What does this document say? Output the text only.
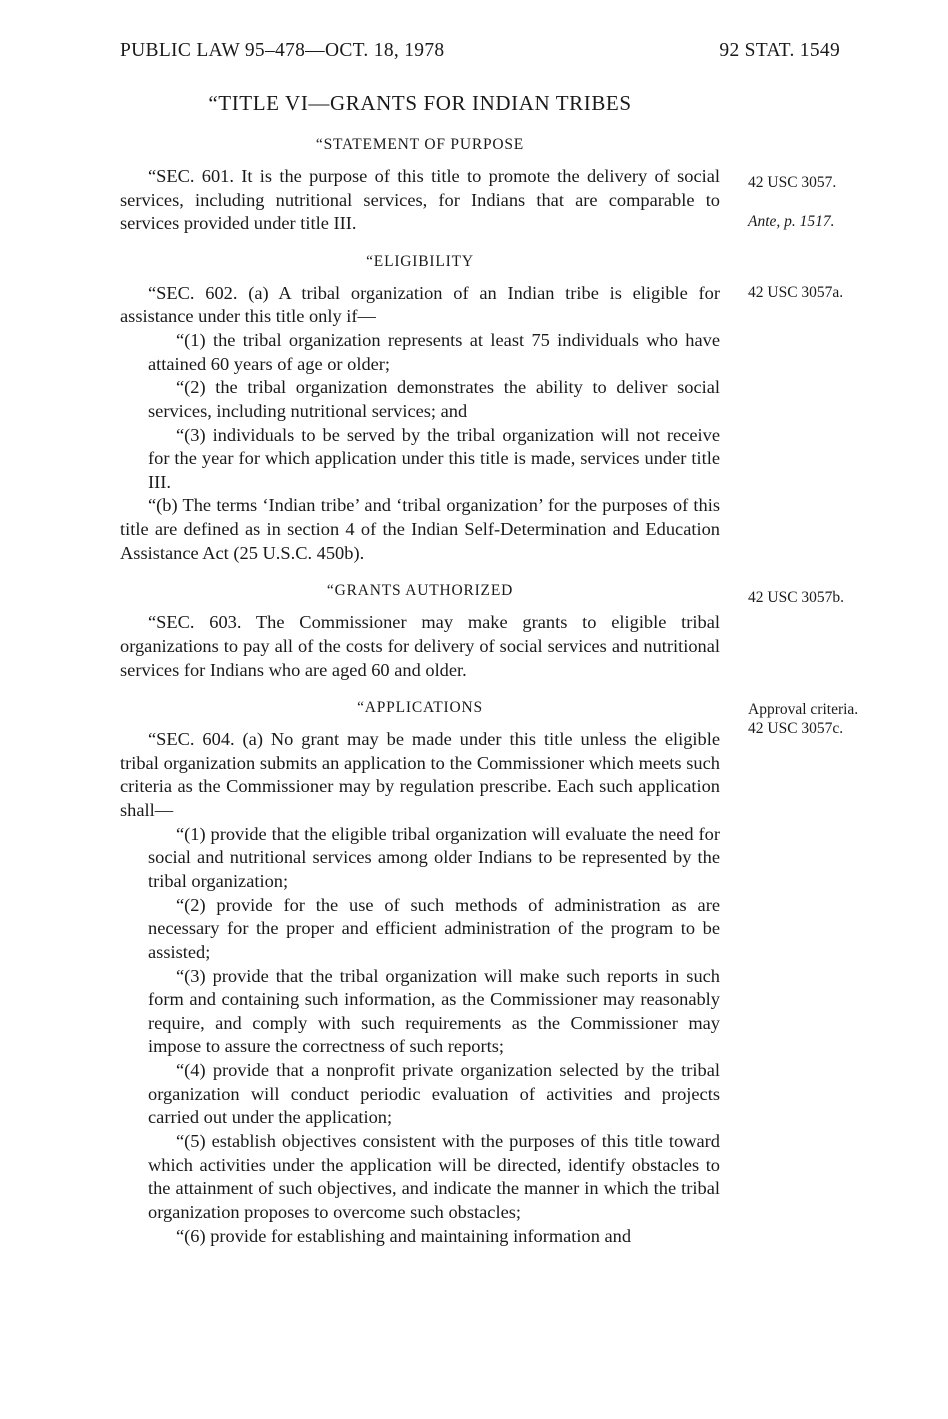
PUBLIC LAW 95–478—OCT. 18, 1978	92 STAT. 1549
“TITLE VI—GRANTS FOR INDIAN TRIBES
“STATEMENT OF PURPOSE

“SEC. 601. It is the purpose of this title to promote the delivery of social services, including nutritional services, for Indians that are comparable to services provided under title III.

“ELIGIBILITY

“SEC. 602. (a) A tribal organization of an Indian tribe is eligible for assistance under this title only if—

“(1) the tribal organization represents at least 75 individuals who have attained 60 years of age or older;

“(2) the tribal organization demonstrates the ability to deliver social services, including nutritional services; and

“(3) individuals to be served by the tribal organization will not receive for the year for which application under this title is made, services under title III.

“(b) The terms ‘Indian tribe’ and ‘tribal organization’ for the purposes of this title are defined as in section 4 of the Indian Self-Determination and Education Assistance Act (25 U.S.C. 450b).

“GRANTS AUTHORIZED

“SEC. 603. The Commissioner may make grants to eligible tribal organizations to pay all of the costs for delivery of social services and nutritional services for Indians who are aged 60 and older.

“APPLICATIONS

“SEC. 604. (a) No grant may be made under this title unless the eligible tribal organization submits an application to the Commissioner which meets such criteria as the Commissioner may by regulation prescribe. Each such application shall—

“(1) provide that the eligible tribal organization will evaluate the need for social and nutritional services among older Indians to be represented by the tribal organization;

“(2) provide for the use of such methods of administration as are necessary for the proper and efficient administration of the program to be assisted;

“(3) provide that the tribal organization will make such reports in such form and containing such information, as the Commissioner may reasonably require, and comply with such requirements as the Commissioner may impose to assure the correctness of such reports;

“(4) provide that a nonprofit private organization selected by the tribal organization will conduct periodic evaluation of activities and projects carried out under the application;

“(5) establish objectives consistent with the purposes of this title toward which activities under the application will be directed, identify obstacles to the attainment of such objectives, and indicate the manner in which the tribal organization proposes to overcome such obstacles;

“(6) provide for establishing and maintaining information and

42 USC 3057.
Ante, p. 1517.
42 USC 3057a.
42 USC 3057b.
Approval criteria.
42 USC 3057c.
